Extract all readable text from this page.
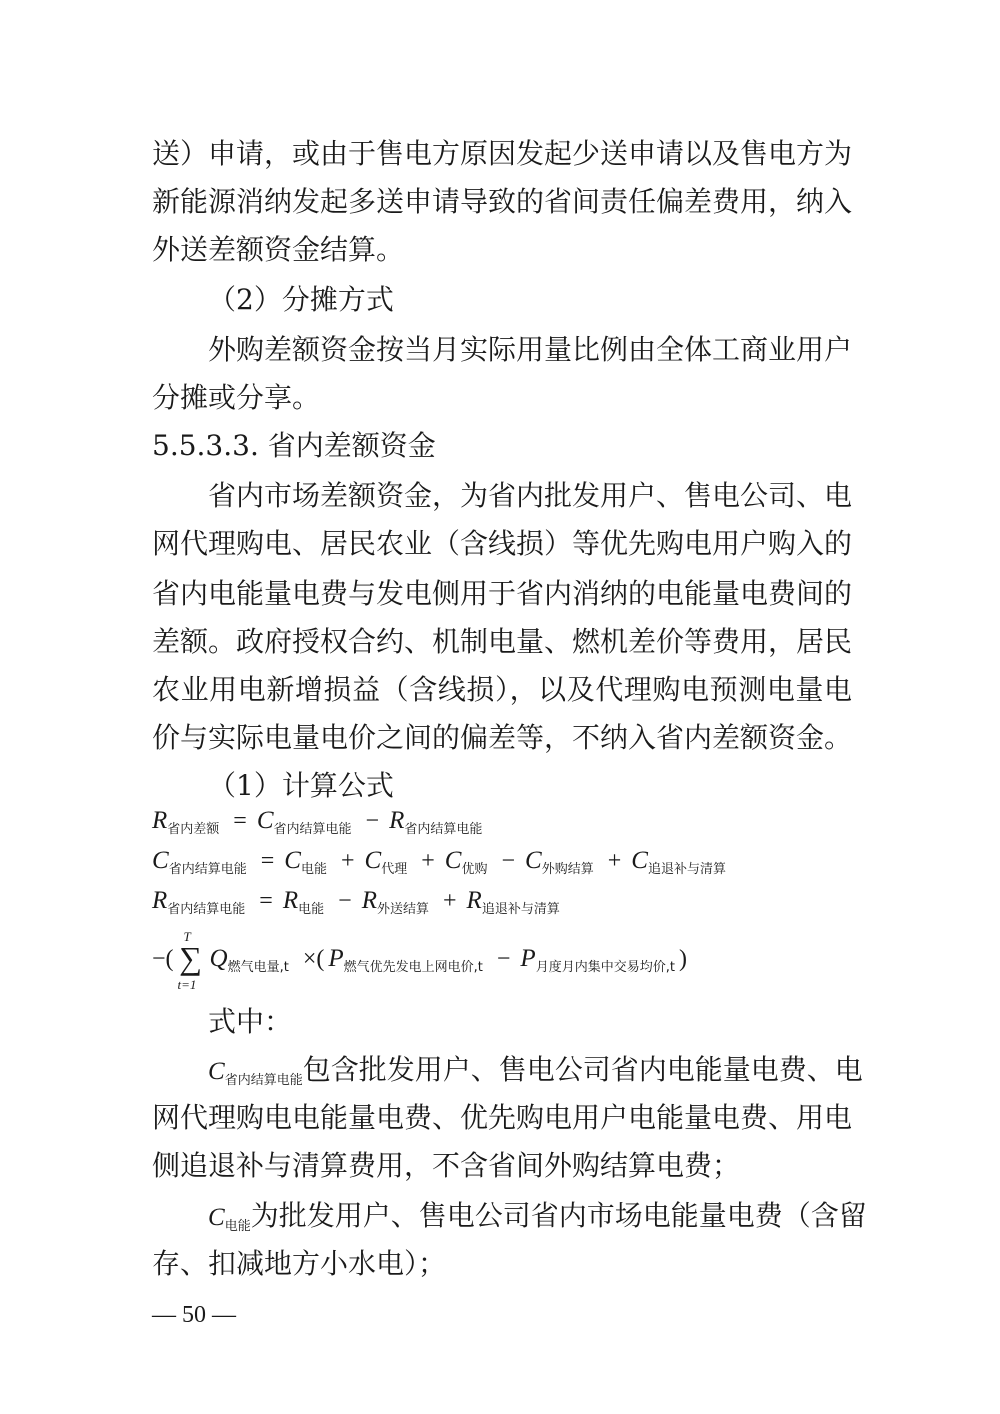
送）申请，或由于售电方原因发起少送申请以及售电方为
新能源消纳发起多送申请导致的省间责任偏差费用，纳入
外送差额资金结算。
（2）分摊方式
外购差额资金按当月实际用量比例由全体工商业用户
分摊或分享。
5.5.3.3. 省内差额资金
省内市场差额资金，为省内批发用户、售电公司、电
网代理购电、居民农业（含线损）等优先购电用户购入的
省内电能量电费与发电侧用于省内消纳的电能量电费间的
差额。政府授权合约、机制电量、燃机差价等费用，居民
农业用电新增损益（含线损），以及代理购电预测电量电
价与实际电量电价之间的偏差等，不纳入省内差额资金。
（1）计算公式
$R_{省内差额} = C_{省内结算电能} - R_{省内结算电能}$
$C_{省内结算电能} = C_{电能} + C_{代理} + C_{优购} - C_{外购结算} + C_{追退补与清算}$
$R_{省内结算电能} = R_{电能} - R_{外送结算} + R_{追退补与清算}$
−(
T
∑
t=1
$Q_{燃气电量,t}$ ×( $P_{燃气优先发电上网电价,t} - P_{月度月内集中交易均价,t}$ )
式中：
C省内结算电能包含批发用户、售电公司省内电能量电费、电
网代理购电电能量电费、优先购电用户电能量电费、用电
侧追退补与清算费用，不含省间外购结算电费；
C电能为批发用户、售电公司省内市场电能量电费（含留
存、扣减地方小水电）；
— 50 —
